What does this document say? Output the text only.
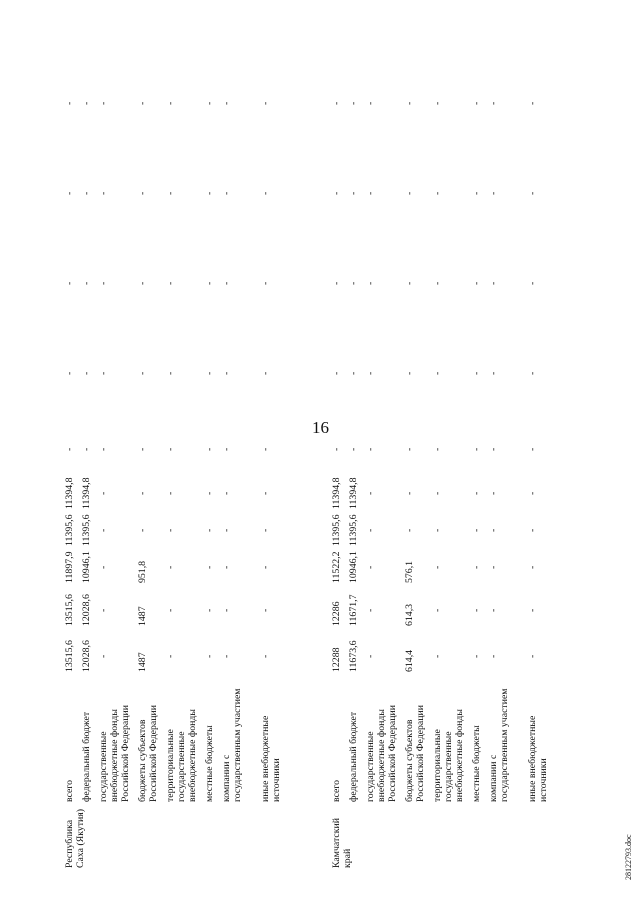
16
Республика Саха (Якутия)
всего
13515,6
13515,6
11897,9
11395,6
11394,8
-
-
-
-
-
федеральный бюджет
12028,6
12028,6
10946,1
11395,6
11394,8
-
-
-
-
-
государственные внебюджетные фонды Российской Федерации
-
-
-
-
-
-
-
-
-
-
бюджеты субъектов Российской Федерации
1487
1487
951,8
-
-
-
-
-
-
-
территориальные государственные внебюджетные фонды
-
-
-
-
-
-
-
-
-
-
местные бюджеты
-
-
-
-
-
-
-
-
-
-
компании с государственным участием
-
-
-
-
-
-
-
-
-
-
иные внебюджетные источники
-
-
-
-
-
-
-
-
-
-
Камчатский край
всего
12288
12286
11522,2
11395,6
11394,8
-
-
-
-
-
федеральный бюджет
11673,6
11671,7
10946,1
11395,6
11394,8
-
-
-
-
-
государственные внебюджетные фонды Российской Федерации
-
-
-
-
-
-
-
-
-
-
бюджеты субъектов Российской Федерации
614,4
614,3
576,1
-
-
-
-
-
-
-
территориальные государственные внебюджетные фонды
-
-
-
-
-
-
-
-
-
-
местные бюджеты
-
-
-
-
-
-
-
-
-
-
компании с государственным участием
-
-
-
-
-
-
-
-
-
-
иные внебюджетные источники
-
-
-
-
-
-
-
-
-
-
28122793.doc
